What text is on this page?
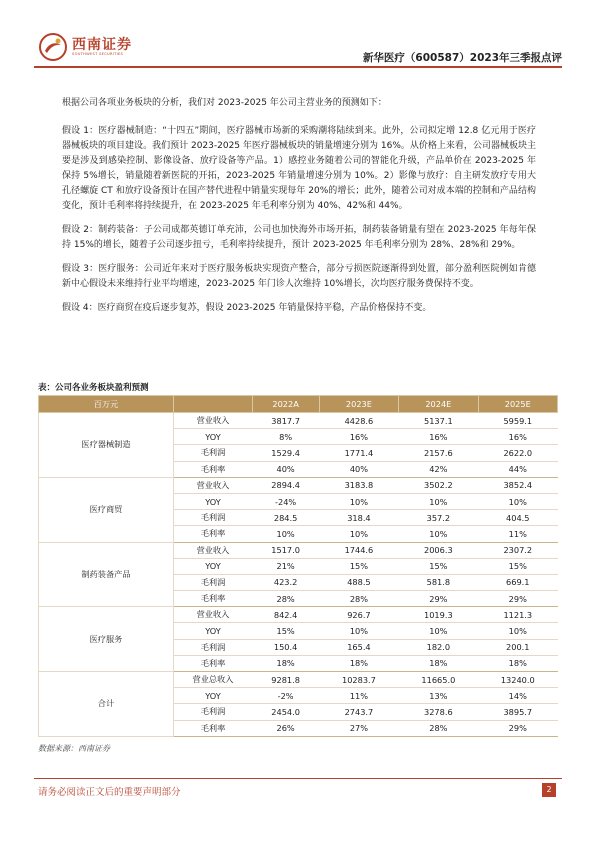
西南证券
SOUTHWEST SECURITIES	新华医疗（600587）2023年三季报点评

根据公司各项业务板块的分析，我们对 2023-2025 年公司主营业务的预测如下：

假设 1：医疗器械制造：“十四五”期间，医疗器械市场新的采购潮将陆续到来。此外，公司拟定增 12.8 亿元用于医疗器械板块的项目建设。我们预计 2023-2025 年医疗器械板块的销量增速分别为 16%。从价格上来看，公司器械板块主要是涉及到感染控制、影像设备、放疗设备等产品。1）感控业务随着公司的智能化升级，产品单价在 2023-2025 年保持 5%增长，销量随着新医院的开拓，2023-2025 年销量增速分别为 10%。2）影像与放疗：自主研发放疗专用大孔径螺旋 CT 和放疗设备预计在国产替代进程中销量实现每年 20%的增长；此外，随着公司对成本端的控制和产品结构变化，预计毛利率将持续提升，在 2023-2025 年毛利率分别为 40%、42%和 44%。

假设 2：制药装备：子公司成都英德订单充沛，公司也加快海外市场开拓，制药装备销量有望在 2023-2025 年每年保持 15%的增长，随着子公司逐步扭亏，毛利率持续提升，预计 2023-2025 年毛利率分别为 28%、28%和 29%。

假设 3：医疗服务：公司近年来对于医疗服务板块实现资产整合，部分亏损医院逐渐得到处置，部分盈利医院例如肯德新中心假设未来维持行业平均增速，2023-2025 年门诊人次维持 10%增长，次均医疗服务费保持不变。

假设 4：医疗商贸在疫后逐步复苏，假设 2023-2025 年销量保持平稳，产品价格保持不变。

表：公司各业务板块盈利预测
百万元		2022A	2023E	2024E	2025E
医疗器械制造	营业收入	3817.7	4428.6	5137.1	5959.1
	YOY	8%	16%	16%	16%
	毛利润	1529.4	1771.4	2157.6	2622.0
	毛利率	40%	40%	42%	44%
医疗商贸	营业收入	2894.4	3183.8	3502.2	3852.4
	YOY	-24%	10%	10%	10%
	毛利润	284.5	318.4	357.2	404.5
	毛利率	10%	10%	10%	11%
制药装备产品	营业收入	1517.0	1744.6	2006.3	2307.2
	YOY	21%	15%	15%	15%
	毛利润	423.2	488.5	581.8	669.1
	毛利率	28%	28%	29%	29%
医疗服务	营业收入	842.4	926.7	1019.3	1121.3
	YOY	15%	10%	10%	10%
	毛利润	150.4	165.4	182.0	200.1
	毛利率	18%	18%	18%	18%
合计	营业总收入	9281.8	10283.7	11665.0	13240.0
	YOY	-2%	11%	13%	14%
	毛利润	2454.0	2743.7	3278.6	3895.7
	毛利率	26%	27%	28%	29%
数据来源：西南证券
请务必阅读正文后的重要声明部分	2
